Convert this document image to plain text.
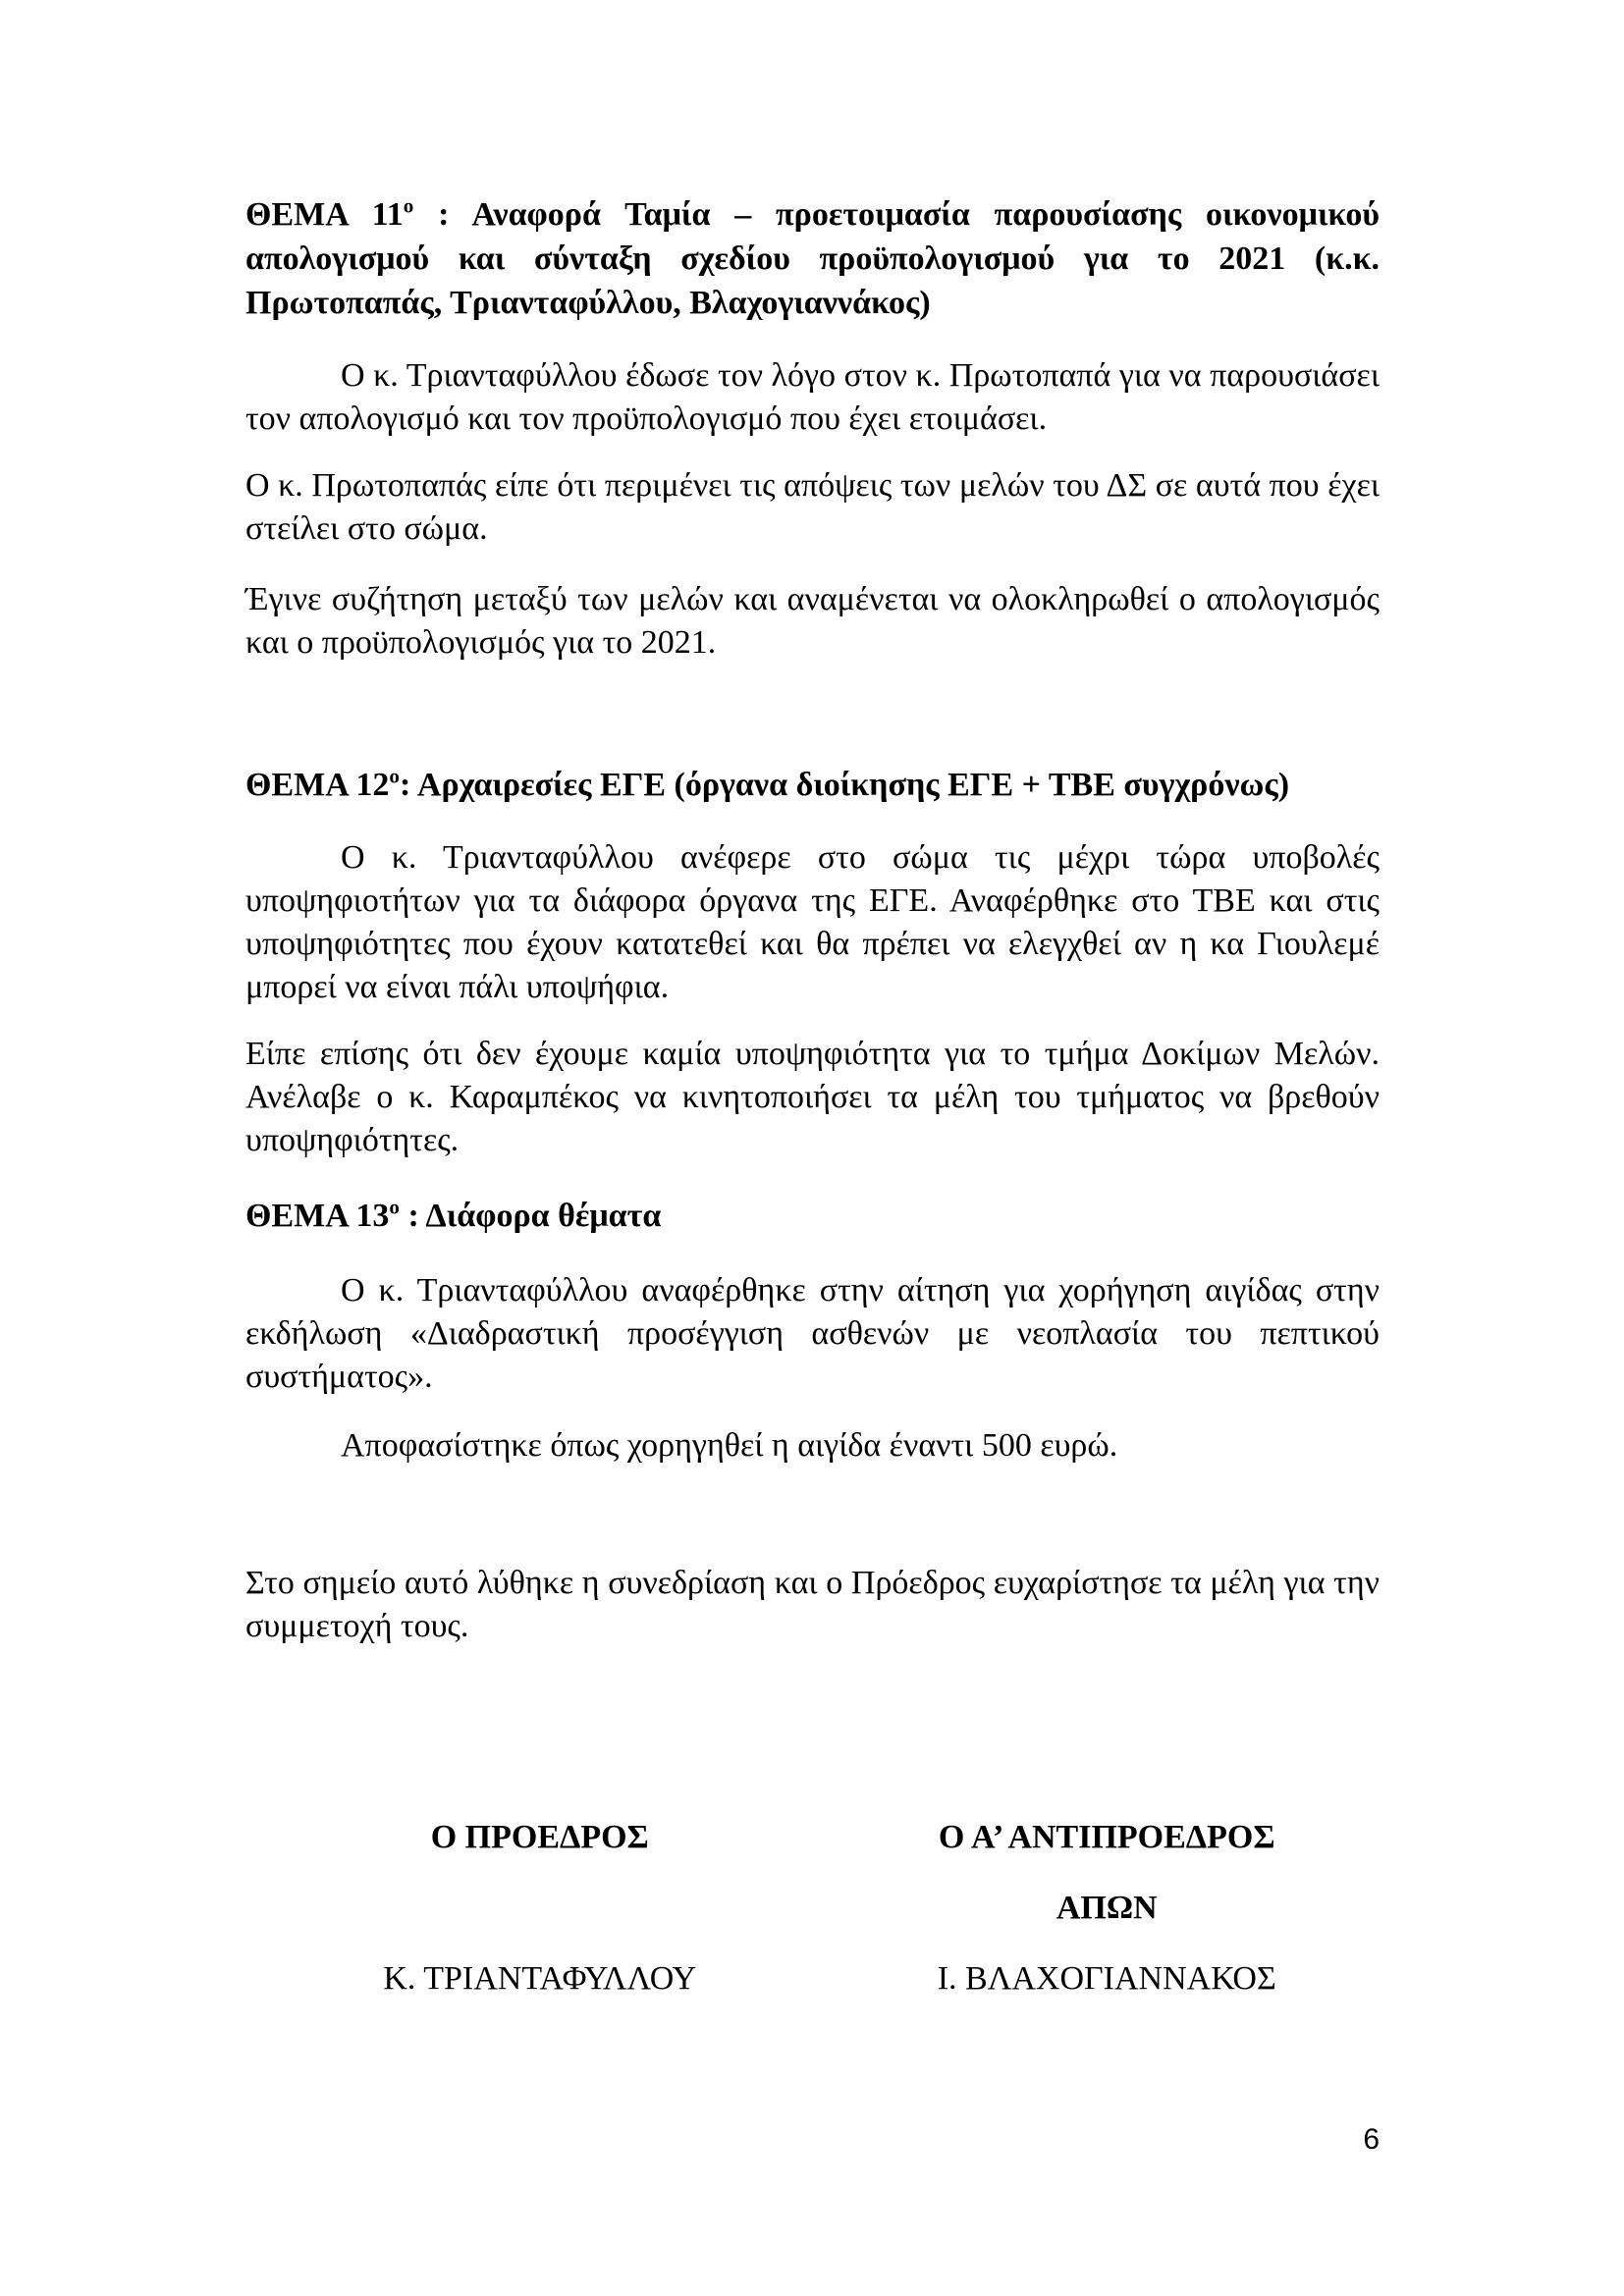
ΘΕΜΑ $11^o$ : Αναφορά Ταμία – προετοιμασία παρουσίασης οικονομικού απολογισμού και σύνταξη σχεδίου προϋπολογισμού για το 2021 (κ.κ. Πρωτοπαπάς, Τριανταφύλλου, Βλαχογιαννάκος)

Ο κ. Τριανταφύλλου έδωσε τον λόγο στον κ. Πρωτοπαπά για να παρουσιάσει τον απολογισμό και τον προϋπολογισμό που έχει ετοιμάσει.

Ο κ. Πρωτοπαπάς είπε ότι περιμένει τις απόψεις των μελών του ΔΣ σε αυτά που έχει στείλει στο σώμα.

Έγινε συζήτηση μεταξύ των μελών και αναμένεται να ολοκληρωθεί ο απολογισμός και ο προϋπολογισμός για το 2021.

ΘΕΜΑ $12^o$: Αρχαιρεσίες ΕΓΕ (όργανα διοίκησης ΕΓΕ + ΤΒΕ συγχρόνως)

Ο κ. Τριανταφύλλου ανέφερε στο σώμα τις μέχρι τώρα υποβολές υποψηφιοτήτων για τα διάφορα όργανα της ΕΓΕ. Αναφέρθηκε στο ΤΒΕ και στις υποψηφιότητες που έχουν κατατεθεί και θα πρέπει να ελεγχθεί αν η κα Γιουλεμέ μπορεί να είναι πάλι υποψήφια.

Είπε επίσης ότι δεν έχουμε καμία υποψηφιότητα για το τμήμα Δοκίμων Μελών. Ανέλαβε ο κ. Καραμπέκος να κινητοποιήσει τα μέλη του τμήματος να βρεθούν υποψηφιότητες.

ΘΕΜΑ $13^o$ : Διάφορα θέματα

Ο κ. Τριανταφύλλου αναφέρθηκε στην αίτηση για χορήγηση αιγίδας στην εκδήλωση «Διαδραστική προσέγγιση ασθενών με νεοπλασία του πεπτικού συστήματος».

Αποφασίστηκε όπως χορηγηθεί η αιγίδα έναντι 500 ευρώ.

Στο σημείο αυτό λύθηκε η συνεδρίαση και ο Πρόεδρος ευχαρίστησε τα μέλη για την συμμετοχή τους.

Ο ΠΡΟΕΔΡΟΣ
Κ. ΤΡΙΑΝΤΑΦΥΛΛΟΥ
Ο Α’ ΑΝΤΙΠΡΟΕΔΡΟΣ
ΑΠΩΝ
Ι. ΒΛΑΧΟΓΙΑΝΝΑΚΟΣ
6
